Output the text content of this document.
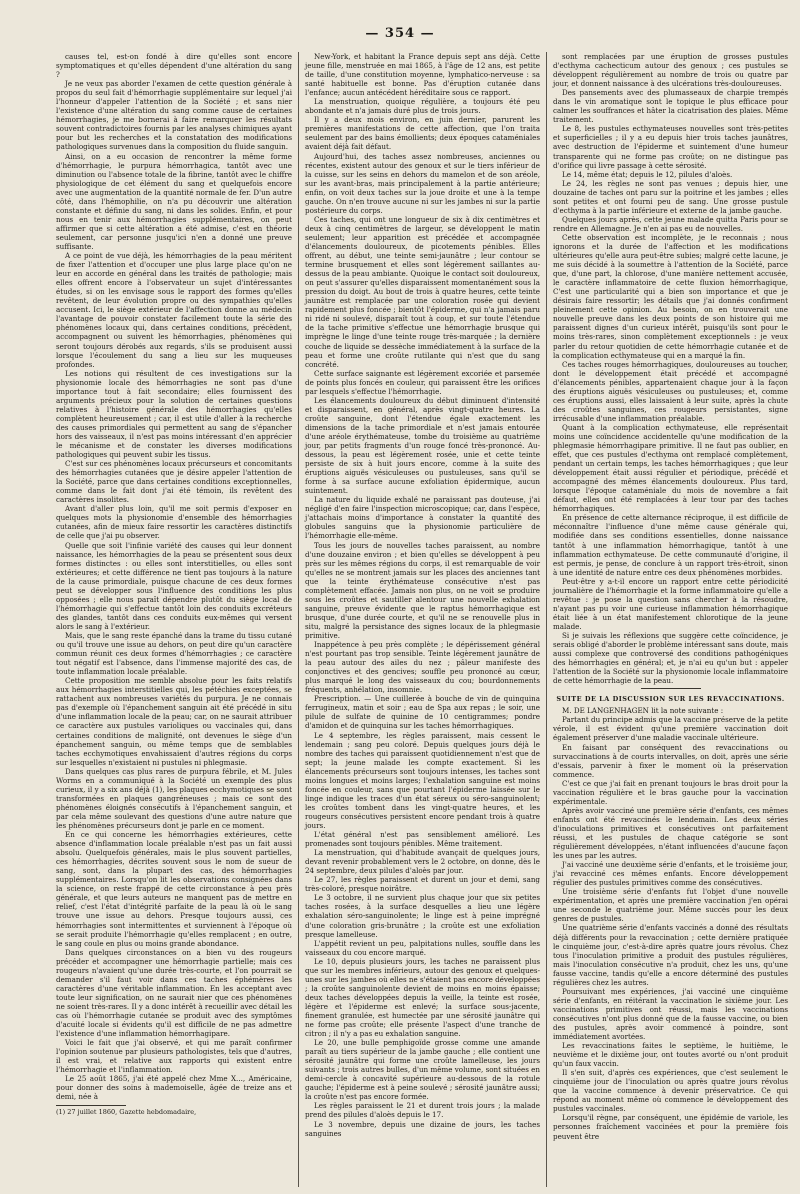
— 354 —

causes tel, est-on fondé à dire qu'elles sont encore symptomatiques et qu'elles dépendent d'une altération du sang ?

Je ne veux pas aborder l'examen de cette question générale à propos du seul fait d'hémorrhagie supplémentaire sur lequel j'ai l'honneur d'appeler l'attention de la Société ; et sans nier l'existence d'une altération du sang comme cause de certaines hémorrhagies, je me bornerai à faire remarquer les résultats souvent contradictoires fournis par les analyses chimiques ayant pour but les recherches et la constatation des modifications pathologiques survenues dans la composition du fluide sanguin.

Ainsi, on a eu occasion de rencontrer la même forme d'hémorrhagie, le purpura hémorrhagica, tantôt avec une diminution ou l'absence totale de la fibrine, tantôt avec le chiffre physiologique de cet élément du sang et quelquefois encore avec une augmentation de la quantité normale de fer. D'un autre côté, dans l'hémophilie, on n'a pu découvrir une altération constante et définie du sang, ni dans les solides. Enfin, et pour nous en tenir aux hémorrhagies supplémentaires, on peut affirmer que si cette altération a été admise, c'est en théorie seulement, car personne jusqu'ici n'en a donné une preuve suffisante.

A ce point de vue déjà, les hémorrhagies de la peau méritent de fixer l'attention et d'occuper une plus large place qu'on ne leur en accorde en général dans les traités de pathologie; mais elles offrent encore à l'observateur un sujet d'intéressantes études, si on les envisage sous le rapport des formes qu'elles revêtent, de leur évolution propre ou des sympathies qu'elles accusent. Ici, le siège extérieur de l'affection donne au médecin l'avantage de pouvoir constater facilement toute la série des phénomènes locaux qui, dans certaines conditions, précèdent, accompagnent ou suivent les hémorrhagies, phénomènes qui seront toujours dérobés aux regards, s'ils se produisent aussi lorsque l'écoulement du sang a lieu sur les muqueuses profondes.

Les notions qui résultent de ces investigations sur la physionomie locale des hémorrhagies ne sont pas d'une importance tout à fait secondaire; elles fournissent des arguments précieux pour la solution de certaines questions relatives à l'histoire générale des hémorrhagies qu'elles complètent heureusement ; car, il est utile d'aller à la recherche des causes primordiales qui permettent au sang de s'épancher hors des vaisseaux, il n'est pas moins intéressant d'en apprécier le mécanisme et de constater les diverses modifications pathologiques qui peuvent subir les tissus.

C'est sur ces phénomènes locaux précurseurs et concomitants des hémorrhagies cutanées que je désire appeler l'attention de la Société, parce que dans certaines conditions exceptionnelles, comme dans le fait dont j'ai été témoin, ils revêtent des caractères insolites.

Avant d'aller plus loin, qu'il me soit permis d'exposer en quelques mots la physionomie d'ensemble des hémorrhagies cutanées, afin de mieux faire ressortir les caractères distinctifs de celle que j'ai pu observer.

Quelle que soit l'infinie variété des causes qui leur donnent naissance, les hémorrhagies de la peau se présentent sous deux formes distinctes : ou elles sont interstitielles, ou elles sont extérieures; et cette différence ne tient pas toujours à la nature de la cause primordiale, puisque chacune de ces deux formes peut se développer sous l'influence des conditions les plus opposées ; elle nous paraît dépendre plutôt du siège local de l'hémorrhagie qui s'effectue tantôt loin des conduits excréteurs des glandes, tantôt dans ces conduits eux-mêmes qui versent alors le sang à l'extérieur.

Mais, que le sang reste épanché dans la trame du tissu cutané ou qu'il trouve une issue au dehors, on peut dire qu'un caractère commun réunit ces deux formes d'hémorrhagies ; ce caractère tout négatif est l'absence, dans l'immense majorité des cas, de toute inflammation locale préalable.

Cette proposition me semble absolue pour les faits relatifs aux hémorrhagies interstitielles qui, les pétéchies exceptées, se rattachent aux nombreuses variétés du purpura. Je ne connais pas d'exemple où l'épanchement sanguin ait été précédé in situ d'une inflammation locale de la peau; car, on ne saurait attribuer ce caractère aux pustules varioliques ou vaccinales qui, dans certaines conditions de malignité, ont devenues le siège d'un épanchement sanguin, ou même temps que de semblables taches ecchymotiques envahissaient d'autres régions du corps sur lesquelles n'existaient ni pustules ni phlegmasie.

Dans quelques cas plus rares de purpura fébrile, et M. Jules Worms en a communiqué à la Société un exemple des plus curieux, il y a six ans déjà (1), les plaques ecchymotiques se sont transformées en plaques gangréneuses ; mais ce sont des phénomènes éloignés consécutifs à l'épanchement sanguin, et par cela même soulevant des questions d'une autre nature que les phénomènes précurseurs dont je parle en ce moment.

En ce qui concerne les hémorrhagies extérieures, cette absence d'inflammation locale préalable n'est pas un fait aussi absolu. Quelquefois générales, mais le plus souvent partielles, ces hémorrhagies, décrites souvent sous le nom de sueur de sang, sont, dans la plupart des cas, des hémorrhagies supplémentaires. Lorsqu'on lit les observations consignées dans la science, on reste frappé de cette circonstance à peu près générale, et que leurs auteurs ne manquent pas de mettre en relief, c'est l'état d'intégrité parfaite de la peau là où le sang trouve une issue au dehors. Presque toujours aussi, ces hémorrhagies sont intermittentes et surviennent à l'époque où se serait produite l'hémorrhagie qu'elles remplacent ; en outre, le sang coule en plus ou moins grande abondance.

Dans quelques circonstances on a bien vu des rougeurs précéder et accompagner une hémorrhagie partielle; mais ces rougeurs n'avaient qu'une durée très-courte, et l'on pourrait se demander s'il faut voir dans ces taches éphémères les caractères d'une véritable inflammation. En les acceptant avec toute leur signification, on ne saurait nier que ces phénomènes ne soient très-rares. Il y a donc intérêt à recueillir avec détail les cas où l'hémorrhagie cutanée se produit avec des symptômes d'acuité locale si évidents qu'il est difficile de ne pas admettre l'existence d'une inflammation hémorrhagipare.

Voici le fait que j'ai observé, et qui me paraît confirmer l'opinion soutenue par plusieurs pathologistes, tels que d'autres, il est vrai, et relative aux rapports qui existent entre l'hémorrhagie et l'inflammation.

Le 25 août 1865, j'ai été appelé chez Mme X..., Américaine, pour donner des soins à mademoiselle, âgée de treize ans et demi, née à

(1) 27 juillet 1860, Gazette hebdomadaire,

New-York, et habitant la France depuis sept ans déjà. Cette jeune fille, menstruée en mai 1865, à l'âge de 12 ans, est petite de taille, d'une constitution moyenne, lymphatico-nerveuse : sa santé habituelle est bonne. Pas d'éruption cutanée dans l'enfance; aucun antécédent héréditaire sous ce rapport.

La menstruation, quoique régulière, a toujours été peu abondante et n'a jamais duré plus de trois jours.

Il y a deux mois environ, en juin dernier, parurent les premières manifestations de cette affection, que l'on traita seulement par des bains émollients; deux époques cataméniales avaient déjà fait défaut.

Aujourd'hui, des taches assez nombreuses, anciennes ou récentes, existent autour des genoux et sur le tiers inférieur de la cuisse, sur les seins en dehors du mamelon et de son aréole, sur les avant-bras, mais principalement à la partie antérieure; enfin, on voit deux taches sur la joue droite et une à la tempe gauche. On n'en trouve aucune ni sur les jambes ni sur la partie postérieure du corps.

Ces taches, qui ont une longueur de six à dix centimètres et deux à cinq centimètres de largeur, se développent le matin seulement; leur apparition est précédée et accompagnée d'élancements douloureux, de picotements pénibles. Elles offrent, au début, une teinte semi-jaunâtre ; leur contour se termine brusquement et elles sont légèrement saillantes au-dessus de la peau ambiante. Quoique le contact soit douloureux, on peut s'assurer qu'elles disparaissent momentanément sous la pression du doigt. Au bout de trois à quatre heures, cette teinte jaunâtre est remplacée par une coloration rosée qui devient rapidement plus foncée ; bientôt l'épiderme, qui n'a jamais paru ni ridé ni soulevé, disparaît tout à coup, et sur toute l'étendue de la tache primitive s'effectue une hémorrhagie brusque qui imprègne le linge d'une teinte rouge très-marquée ; la dernière couche de liquide se dessèche immédiatement à la surface de la peau et forme une croûte rutilante qui n'est que du sang concrété.

Cette surface saignante est légèrement excoriée et parsemée de points plus foncés en couleur, qui paraissent être les orifices par lesquels s'effectue l'hémorrhagie.

Les élancements douloureux du début diminuent d'intensité et disparaissent, en général, après vingt-quatre heures. La croûte sanguine, dont l'étendue égale exactement les dimensions de la tache primordiale et n'est jamais entourée d'une aréole érythémateuse, tombe du troisième au quatrième jour, par petits fragments d'un rouge foncé très-prononcé. Au-dessous, la peau est légèrement rosée, unie et cette teinte persiste de six à huit jours encore, comme à la suite des éruptions aiguës vésiculeuses ou pustuleuses, sans qu'il se forme à sa surface aucune exfoliation épidermique, aucun suintement.

La nature du liquide exhalé ne paraissant pas douteuse, j'ai négligé d'en faire l'inspection microscopique; car, dans l'espèce, j'attachais moins d'importance à constater la quantité des globules sanguins que la physionomie particulière de l'hémorrhagie elle-même.

Tous les jours de nouvelles taches paraissent, au nombre d'une douzaine environ ; et bien qu'elles se développent à peu près sur les mêmes régions du corps, il est remarquable de voir qu'elles ne se montrent jamais sur les places des anciennes tant que la teinte érythémateuse consécutive n'est pas complètement effacée. Jamais non plus, on ne voit se produire sous les croûtes et sautiller alentour une nouvelle exhalation sanguine, preuve évidente que le raptus hémorrhagique est brusque, d'une durée courte, et qu'il ne se renouvelle plus in situ, malgré la persistance des signes locaux de la phlegmasie primitive.

Inappétence à peu près complète ; le dépérissement général n'est pourtant pas trop sensible. Teinte légèrement jaunâtre de la peau autour des ailes du nez ; pâleur manifeste des conjonctives et des gencives; souffle peu prononcé au cœur, plus marqué le long des vaisseaux du cou; bourdonnements fréquents, anhélation, insomnie.

Prescription. — Une cuillerée à bouche de vin de quinquina ferrugineux, matin et soir ; eau de Spa aux repas ; le soir, une pilule de sulfate de quinine de 10 centigrammes; pondre d'amidon et de quinquina sur les taches hémorrhagiques.

Le 4 septembre, les règles paraissent, mais cessent le lendemain ; sang peu coloré. Depuis quelques jours déjà le nombre des taches qui paraissent quotidiennement n'est que de sept; la jeune malade les compte exactement. Si les élancements précurseurs sont toujours intenses, les taches sont moins longues et moins larges; l'exhalation sanguine est moins foncée en couleur, sans que pourtant l'épiderme laissée sur le linge indique les traces d'un état séreux ou séro-sanguinolent; les croûtes tombent dans les vingt-quatre heures, et les rougeurs consécutives persistent encore pendant trois à quatre jours.

L'état général n'est pas sensiblement amélioré. Les promenades sont toujours pénibles. Même traitement.

La menstruation, qui d'habitude avançait de quelques jours, devant revenir probablement vers le 2 octobre, on donne, dès le 24 septembre, deux pilules d'aloès par jour.

Le 27, les règles paraissent et durent un jour et demi, sang très-coloré, presque noirâtre.

Le 3 octobre, il ne survient plus chaque jour que six petites taches rosées, à la surface desquelles a lieu une légère exhalation séro-sanguinolente; le linge est à peine imprégné d'une coloration gris-brunâtre ; la croûte est une exfoliation presque lamelleuse.

L'appétit revient un peu, palpitations nulles, souffle dans les vaisseaux du cou encore marqué.

Le 10, depuis plusieurs jours, les taches ne paraissent plus que sur les membres inférieurs, autour des genoux et quelques-unes sur les jambes où elles ne s'étaient pas encore développées ; la croûte sanguinolente devient de moins en moins épaisse; deux taches développées depuis la veille, la teinte est rosée, légère et l'épiderme est enlevé; la surface sous-jacente, finement granulée, est humectée par une sérosité jaunâtre qui ne forme pas croûte; elle présente l'aspect d'une tranche de citron ; il n'y a pas eu exhalation sanguine.

Le 20, une bulle pemphigoïde grosse comme une amande paraît au tiers supérieur de la jambe gauche ; elle contient une sérosité jaunâtre qui forme une croûte lamelleuse, les jours suivants ; trois autres bulles, d'un même volume, sont situées en demi-cercle à concavité supérieure au-dessous de la rotule gauche; l'épiderme est à peine soulevé ; sérosité jaunâtre aussi; la croûte n'est pas encore formée.

Les règles paraissent le 21 et durent trois jours ; la malade prend des pilules d'aloès depuis le 17.

Le 3 novembre, depuis une dizaine de jours, les taches sanguines

sont remplacées par une éruption de grosses pustules d'ecthyma cachecticum autour des genoux ; ces pustules se développent régulièrement au nombre de trois ou quatre par jour, et donnent naissance à des ulcérations très-douloureuses.

Des pansements avec des plumasseaux de charpie trempés dans le vin aromatique sont le topique le plus efficace pour calmer les souffrances et hâter la cicatrisation des plaies. Même traitement.

Le 8, les pustules ecthymateuses nouvelles sont très-petites et superficielles ; il y a eu depuis hier trois taches jaunâtres, avec destruction de l'épiderme et suintement d'une humeur transparente qui ne forme pas croûte; on ne distingue pas d'orifice qui livre passage à cette sérosité.

Le 14, même état; depuis le 12, pilules d'aloès.

Le 24, les règles ne sont pas venues ; depuis hier, une douzaine de taches ont paru sur la poitrine et les jambes ; elles sont petites et ont fourni peu de sang. Une grosse pustule d'ecthyma à la partie inférieure et externe de la jambe gauche.

Quelques jours après, cette jeune malade quitta Paris pour se rendre en Allemagne. Je n'en ai pas eu de nouvelles.

Cette observation est incomplète, je le reconnais ; nous ignorons et la durée de l'affection et les modifications ultérieures qu'elle aura peut-être subies; malgré cette lacune, je me suis décidé à la soumettre à l'attention de la Société, parce que, d'une part, la chlorose, d'une manière nettement accusée, le caractère inflammatoire de cette fluxion hémorrhagique, C'est une particularité qui a bien son importance et que je désirais faire ressortir; les détails que j'ai donnés confirment pleinement cette opinion. Au besoin, on en trouverait une nouvelle preuve dans les deux points de son histoire qui me paraissent dignes d'un curieux intérêt, puisqu'ils sont pour le moins très-rares, sinon complètement exceptionnels : je veux parler du retour quotidien de cette hémorrhagie cutanée et de la complication ecthymateuse qui en a marqué la fin.

Ces taches rouges hémorrhagiques, douloureuses au toucher, dont le développement était précédé et accompagné d'élancements pénibles, appartenaient chaque jour à la façon des éruptions aiguës vésiculeuses ou pustuleuses; et, comme ces éruptions aussi, elles laissaient à leur suite, après la chute des croûtes sanguines, ces rougeurs persistantes, signe irrécusable d'une inflammation préalable.

Quant à la complication ecthymateuse, elle représentait moins une coïncidence accidentelle qu'une modification de la phlegmasie hémorrhagipare primitive. Il ne faut pas oublier, en effet, que ces pustules d'ecthyma ont remplacé complètement, pendant un certain temps, les taches hémorrhagiques ; que leur développement était aussi régulier et périodique, précédé et accompagné des mêmes élancements douloureux. Plus tard, lorsque l'époque cataméniale du mois de novembre a fait défaut, elles ont été remplacées à leur tour par des taches hémorrhagiques.

En présence de cette alternance réciproque, il est difficile de méconnaître l'influence d'une même cause générale qui, modifiée dans ses conditions essentielles, donne naissance tantôt à une inflammation hémorrhagique, tantôt à une inflammation ecthymateuse. De cette communauté d'origine, il est permis, je pense, de conclure à un rapport très-étroit, sinon à une identité de nature entre ces deux phénomènes morbides.

Peut-être y a-t-il encore un rapport entre cette périodicité journalière de l'hémorrhagie et la forme inflammatoire qu'elle a revêtue : je pose la question sans chercher à la résoudre, n'ayant pas pu voir une curieuse inflammation hémorrhagique était liée à un état manifestement chlorotique de la jeune malade.

Si je suivais les réflexions que suggère cette coïncidence, je serais obligé d'aborder le problème intéressant sans doute, mais aussi complexe que controversé des conditions pathogéniques des hémorrhagies en général; et, je n'ai eu qu'un but : appeler l'attention de la Société sur la physionomie locale inflammatoire de cette hémorrhagie de la peau.

SUITE DE LA DISCUSSION SUR LES REVACCINATIONS.

M. DE LANGENHAGEN lit la note suivante :

Partant du principe admis que la vaccine préserve de la petite vérole, il est évident qu'une première vaccination doit également préserver d'une maladie vaccinale ultérieure.

En faisant par conséquent des revaccinations ou survaccinations à de courts intervalles, on doit, après une série d'essais, parvenir à fixer le moment où la préservation commence.

C'est ce que j'ai fait en prenant toujours le bras droit pour la vaccination régulière et le bras gauche pour la vaccination expérimentale.

Après avoir vacciné une première série d'enfants, ces mêmes enfants ont été revaccinés le lendemain. Les deux séries d'inoculations primitives et consécutives ont parfaitement réussi, et les pustules de chaque catégorie se sont régulièrement développées, n'étant influencées d'aucune façon les unes par les autres.

J'ai vacciné une deuxième série d'enfants, et le troisième jour, j'ai revacciné ces mêmes enfants. Encore développement régulier des pustules primitives comme des consécutives.

Une troisième série d'enfants fut l'objet d'une nouvelle expérimentation, et après une première vaccination j'en opérai une seconde le quatrième jour. Même succès pour les deux genres de pustules.

Une quatrième série d'enfants vaccinés a donné des résultats déjà différents pour la revaccination ; cette dernière pratiquée le cinquième jour, c'est-à-dire après quatre jours révolus. Chez tous l'inoculation primitive a produit des pustules régulières, mais l'inoculation consécutive n'a produit, chez les uns, qu'une fausse vaccine, tandis qu'elle a encore déterminé des pustules régulières chez les autres.

Poursuivant mes expériences, j'ai vacciné une cinquième série d'enfants, en réitérant la vaccination le sixième jour. Les vaccinations primitives ont réussi, mais les vaccinations consécutives n'ont plus donné que de la fausse vaccine, ou bien des pustules, après avoir commencé à poindre, sont immédiatement avortées.

Les revaccinations faites le septième, le huitième, le neuvième et le dixième jour, ont toutes avorté ou n'ont produit qu'un faux vaccin.

Il s'en suit, d'après ces expériences, que c'est seulement le cinquième jour de l'inoculation ou après quatre jours révolus que la vaccine commence à devenir préservatrice. Ce qui répond au moment même où commence le développement des pustules vaccinales.

Lorsqu'il règne, par conséquent, une épidémie de variole, les personnes fraîchement vaccinées et pour la première fois peuvent être
